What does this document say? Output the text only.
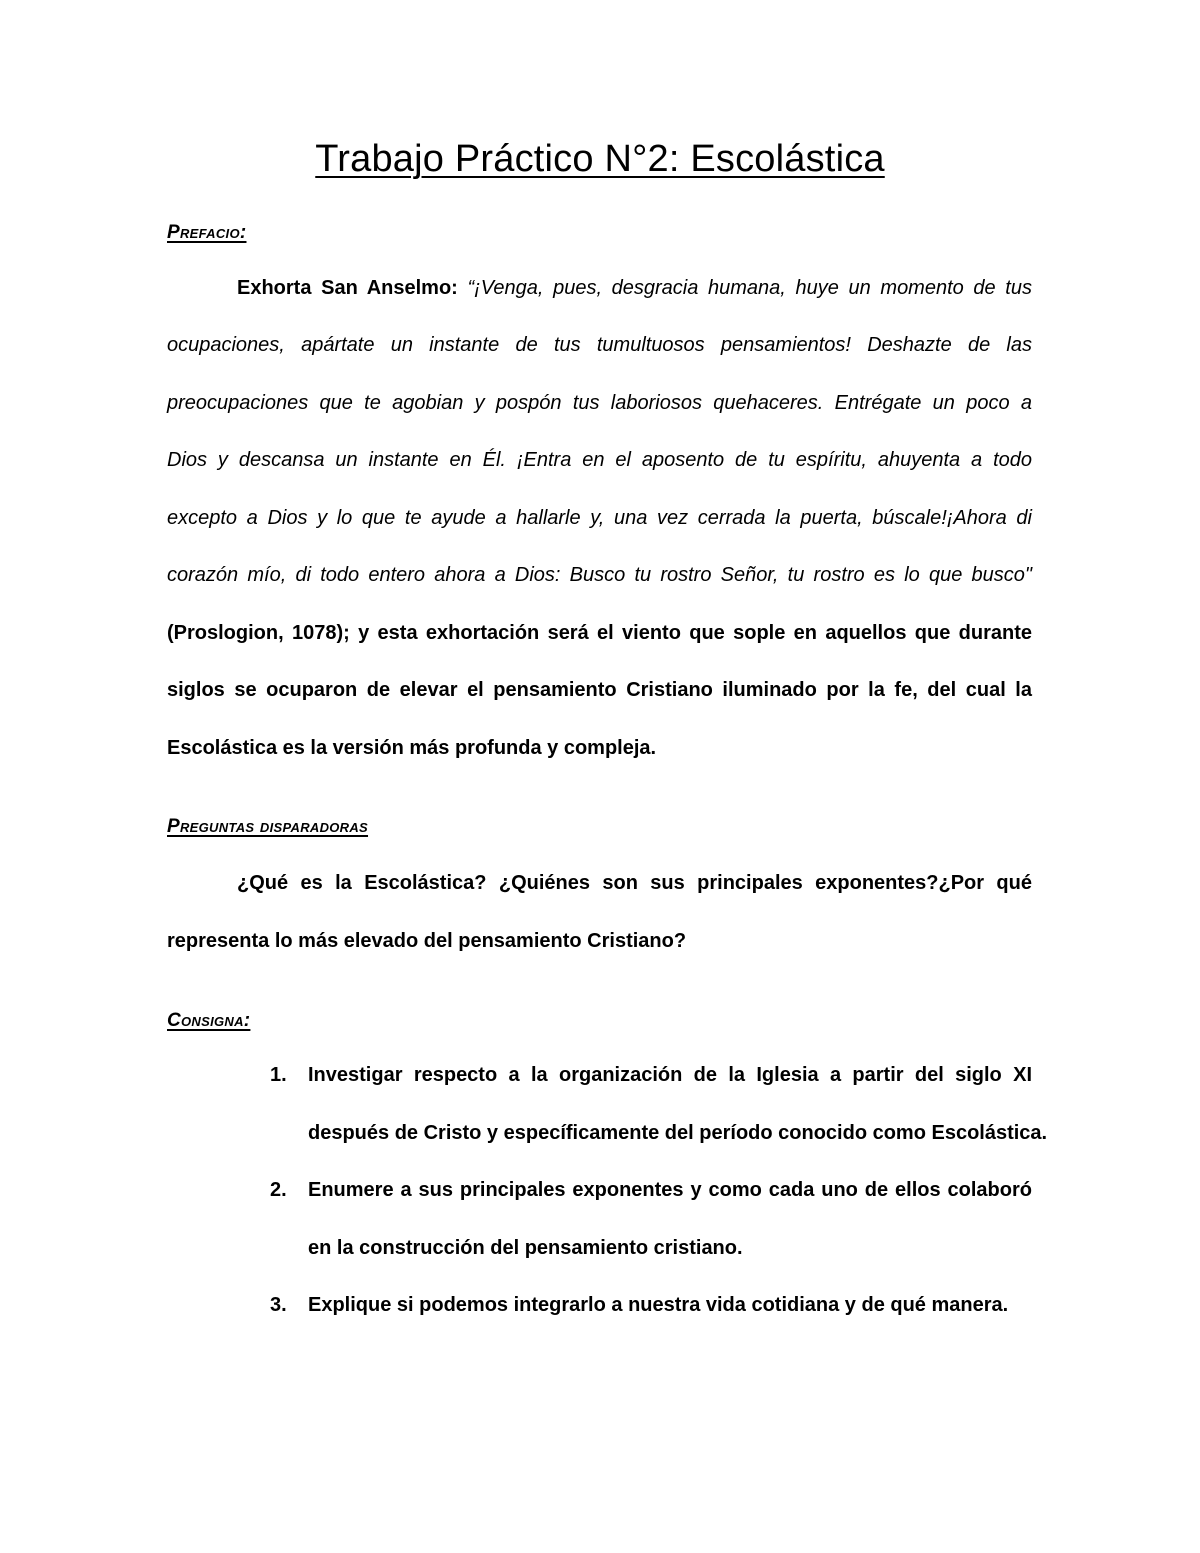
Trabajo Práctico N°2: Escolástica
Prefacio:
Exhorta San Anselmo: “¡Venga, pues, desgracia humana, huye un momento de tus
ocupaciones, apártate un instante de tus tumultuosos pensamientos! Deshazte de las
preocupaciones que te agobian y pospón tus laboriosos quehaceres. Entrégate un poco a
Dios y descansa un instante en Él. ¡Entra en el aposento de tu espíritu, ahuyenta a todo
excepto a Dios y lo que te ayude a hallarle y, una vez cerrada la puerta, búscale!¡Ahora di
corazón mío, di todo entero ahora a Dios: Busco tu rostro Señor, tu rostro es lo que busco"
(Proslogion, 1078); y esta exhortación será el viento que sople en aquellos que durante
siglos se ocuparon de elevar el pensamiento Cristiano iluminado por la fe, del cual la
Escolástica es la versión más profunda y compleja.
Preguntas disparadoras
¿Qué es la Escolástica? ¿Quiénes son sus principales exponentes?¿Por qué
representa lo más elevado del pensamiento Cristiano?
Consigna:
1. Investigar respecto a la organización de la Iglesia a partir del siglo XI
después de Cristo y específicamente del período conocido como Escolástica.
2. Enumere a sus principales exponentes y como cada uno de ellos colaboró
en la construcción del pensamiento cristiano.
3. Explique si podemos integrarlo a nuestra vida cotidiana y de qué manera.
